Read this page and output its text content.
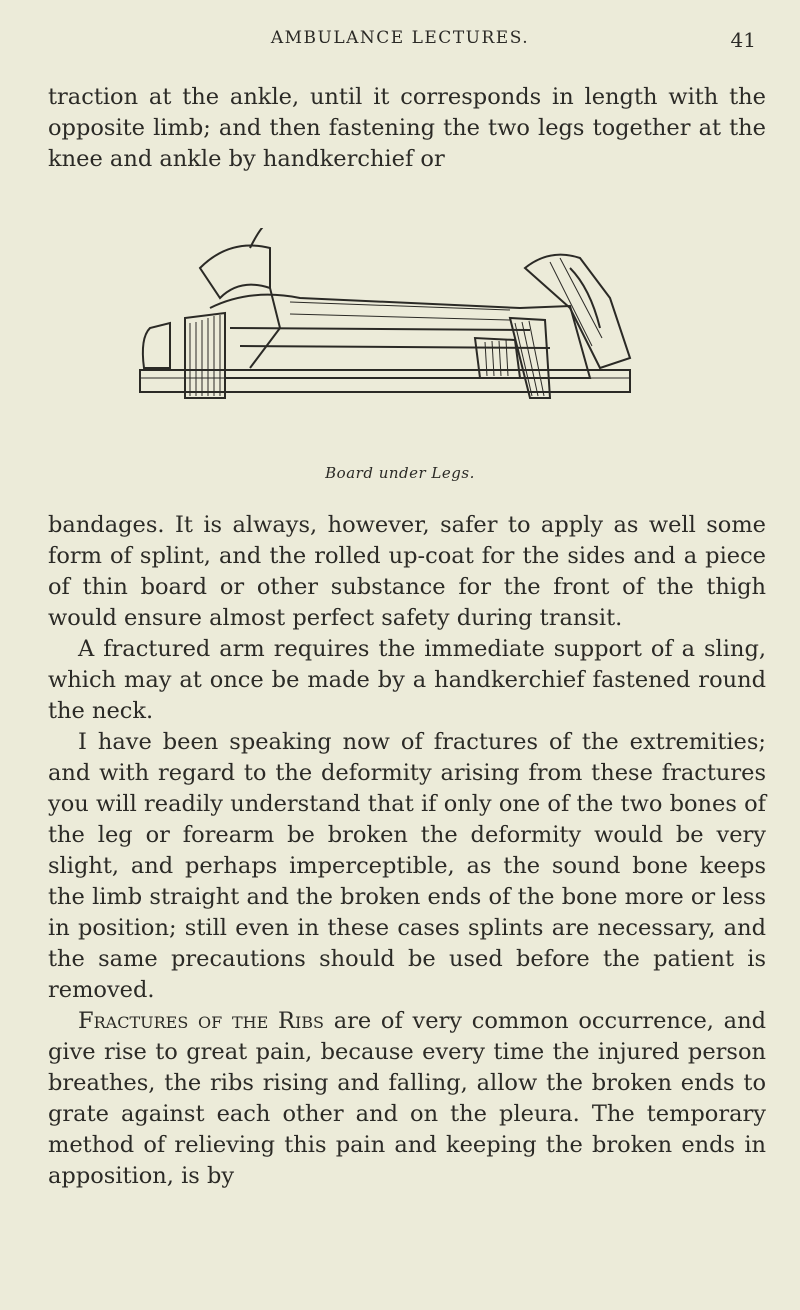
AMBULANCE LECTURES.	41

traction at the ankle, until it corresponds in length with the opposite limb; and then fastening the two legs together at the knee and ankle by handkerchief or

Board under Legs.

bandages. It is always, however, safer to apply as well some form of splint, and the rolled up-coat for the sides and a piece of thin board or other substance for the front of the thigh would ensure almost perfect safety during transit.

A fractured arm requires the immediate support of a sling, which may at once be made by a handkerchief fastened round the neck.

I have been speaking now of fractures of the extremities; and with regard to the deformity arising from these fractures you will readily understand that if only one of the two bones of the leg or forearm be broken the deformity would be very slight, and perhaps imperceptible, as the sound bone keeps the limb straight and the broken ends of the bone more or less in position; still even in these cases splints are necessary, and the same precautions should be used before the patient is removed.

Fractures of the Ribs are of very common occurrence, and give rise to great pain, because every time the injured person breathes, the ribs rising and falling, allow the broken ends to grate against each other and on the pleura. The temporary method of relieving this pain and keeping the broken ends in apposition, is by
